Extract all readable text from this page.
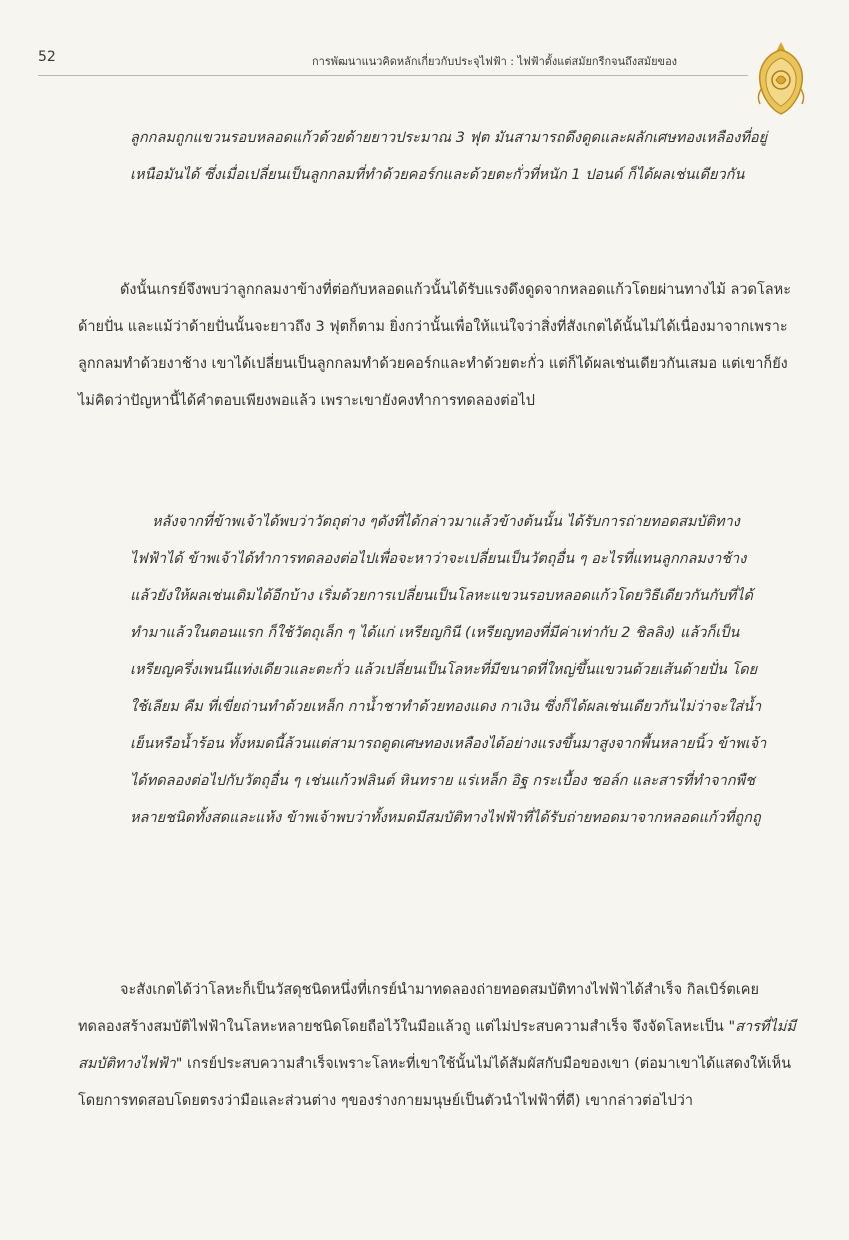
52	การพัฒนาแนวคิดหลักเกี่ยวกับประจุไฟฟ้า : ไฟฟ้าตั้งแต่สมัยกรีกจนถึงสมัยของ

ลูกกลมถูกแขวนรอบหลอดแก้วด้วยด้ายยาวประมาณ 3 ฟุต มันสามารถดึงดูดและผลักเศษทองเหลืองที่อยู่เหนือมันได้ ซึ่งเมื่อเปลี่ยนเป็นลูกกลมที่ทำด้วยคอร์กและด้วยตะกั่วที่หนัก 1 ปอนด์ ก็ได้ผลเช่นเดียวกัน

ดังนั้นเกรย์จึงพบว่าลูกกลมงาข้างที่ต่อกับหลอดแก้วนั้นได้รับแรงดึงดูดจากหลอดแก้วโดยผ่านทางไม้ ลวดโลหะ ด้ายปั่น และแม้ว่าด้ายปั่นนั้นจะยาวถึง 3 ฟุตก็ตาม ยิ่งกว่านั้นเพื่อให้แน่ใจว่าสิ่งที่สังเกตได้นั้นไม่ได้เนื่องมาจากเพราะลูกกลมทำด้วยงาช้าง เขาได้เปลี่ยนเป็นลูกกลมทำด้วยคอร์กและทำด้วยตะกั่ว แต่ก็ได้ผลเช่นเดียวกันเสมอ แต่เขาก็ยังไม่คิดว่าปัญหานี้ได้คำตอบเพียงพอแล้ว เพราะเขายังคงทำการทดลองต่อไป

หลังจากที่ข้าพเจ้าได้พบว่าวัตถุต่าง ๆดังที่ได้กล่าวมาแล้วข้างต้นนั้น ได้รับการถ่ายทอดสมบัติทางไฟฟ้าได้ ข้าพเจ้าได้ทำการทดลองต่อไปเพื่อจะหาว่าจะเปลี่ยนเป็นวัตถุอื่น ๆ อะไรที่แทนลูกกลมงาช้างแล้วยังให้ผลเช่นเดิมได้อีกบ้าง เริ่มด้วยการเปลี่ยนเป็นโลหะแขวนรอบหลอดแก้วโดยวิธีเดียวกันกับที่ได้ทำมาแล้วในตอนแรก ก็ใช้วัตถุเล็ก ๆ ได้แก่ เหรียญกินี (เหรียญทองที่มีค่าเท่ากับ 2 ชิลลิง) แล้วก็เป็นเหรียญครึ่งเพนนีแท่งเดียวและตะกั่ว แล้วเปลี่ยนเป็นโลหะที่มีขนาดที่ใหญ่ขึ้นแขวนด้วยเส้นด้ายปั่น โดยใช้เลียม คีม ที่เขี่ยถ่านทำด้วยเหล็ก กาน้ำชาทำด้วยทองแดง กาเงิน ซึ่งก็ได้ผลเช่นเดียวกันไม่ว่าจะใส่น้ำเย็นหรือน้ำร้อน ทั้งหมดนี้ล้วนแต่สามารถดูดเศษทองเหลืองได้อย่างแรงขึ้นมาสูงจากพื้นหลายนิ้ว ข้าพเจ้าได้ทดลองต่อไปกับวัตถุอื่น ๆ เช่นแก้วฟลินต์ หินทราย แร่เหล็ก อิฐ กระเบื้อง ชอล์ก และสารที่ทำจากพืชหลายชนิดทั้งสดและแห้ง ข้าพเจ้าพบว่าทั้งหมดมีสมบัติทางไฟฟ้าที่ได้รับถ่ายทอดมาจากหลอดแก้วที่ถูกถู

จะสังเกตได้ว่าโลหะก็เป็นวัสดุชนิดหนึ่งที่เกรย์นำมาทดลองถ่ายทอดสมบัติทางไฟฟ้าได้สำเร็จ กิลเบิร์ตเคยทดลองสร้างสมบัติไฟฟ้าในโลหะหลายชนิดโดยถือไว้ในมือแล้วถู แต่ไม่ประสบความสำเร็จ จึงจัดโลหะเป็น "สารที่ไม่มีสมบัติทางไฟฟ้า" เกรย์ประสบความสำเร็จเพราะโลหะที่เขาใช้นั้นไม่ได้สัมผัสกับมือของเขา (ต่อมาเขาได้แสดงให้เห็น โดยการทดสอบโดยตรงว่ามือและส่วนต่าง ๆของร่างกายมนุษย์เป็นตัวนำไฟฟ้าที่ดี) เขากล่าวต่อไปว่า
